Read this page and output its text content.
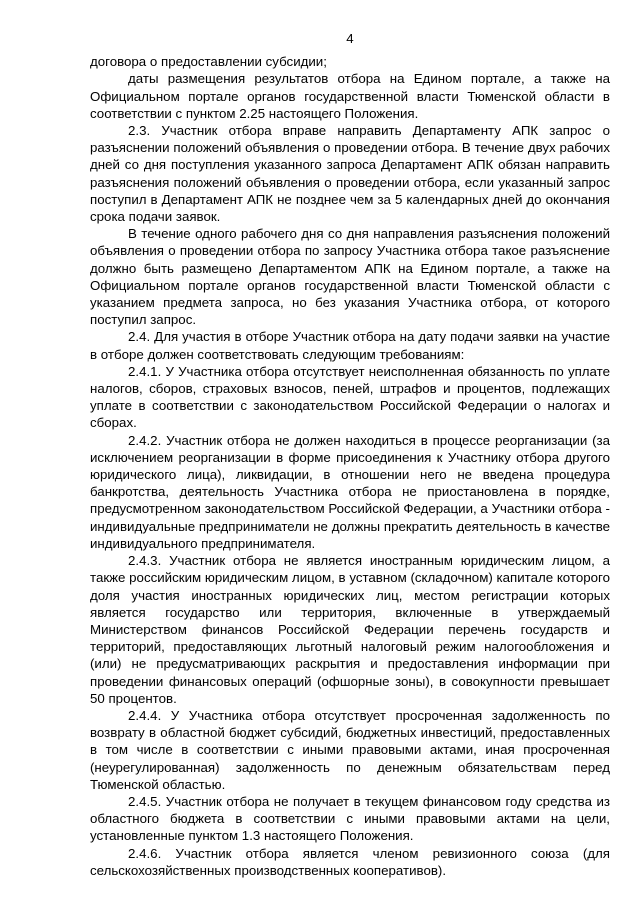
4

договора о предоставлении субсидии;

даты размещения результатов отбора на Едином портале, а также на Официальном портале органов государственной власти Тюменской области в соответствии с пунктом 2.25 настоящего Положения.

2.3. Участник отбора вправе направить Департаменту АПК запрос о разъяснении положений объявления о проведении отбора. В течение двух рабочих дней со дня поступления указанного запроса Департамент АПК обязан направить разъяснения положений объявления о проведении отбора, если указанный запрос поступил в Департамент АПК не позднее чем за 5 календарных дней до окончания срока подачи заявок.

В течение одного рабочего дня со дня направления разъяснения положений объявления о проведении отбора по запросу Участника отбора такое разъяснение должно быть размещено Департаментом АПК на Едином портале, а также на Официальном портале органов государственной власти Тюменской области с указанием предмета запроса, но без указания Участника отбора, от которого поступил запрос.

2.4. Для участия в отборе Участник отбора на дату подачи заявки на участие в отборе должен соответствовать следующим требованиям:

2.4.1. У Участника отбора отсутствует неисполненная обязанность по уплате налогов, сборов, страховых взносов, пеней, штрафов и процентов, подлежащих уплате в соответствии с законодательством Российской Федерации о налогах и сборах.

2.4.2. Участник отбора не должен находиться в процессе реорганизации (за исключением реорганизации в форме присоединения к Участнику отбора другого юридического лица), ликвидации, в отношении него не введена процедура банкротства, деятельность Участника отбора не приостановлена в порядке, предусмотренном законодательством Российской Федерации, а Участники отбора - индивидуальные предприниматели не должны прекратить деятельность в качестве индивидуального предпринимателя.

2.4.3. Участник отбора не является иностранным юридическим лицом, а также российским юридическим лицом, в уставном (складочном) капитале которого доля участия иностранных юридических лиц, местом регистрации которых является государство или территория, включенные в утверждаемый Министерством финансов Российской Федерации перечень государств и территорий, предоставляющих льготный налоговый режим налогообложения и (или) не предусматривающих раскрытия и предоставления информации при проведении финансовых операций (офшорные зоны), в совокупности превышает 50 процентов.

2.4.4. У Участника отбора отсутствует просроченная задолженность по возврату в областной бюджет субсидий, бюджетных инвестиций, предоставленных в том числе в соответствии с иными правовыми актами, иная просроченная (неурегулированная) задолженность по денежным обязательствам перед Тюменской областью.

2.4.5. Участник отбора не получает в текущем финансовом году средства из областного бюджета в соответствии с иными правовыми актами на цели, установленные пунктом 1.3 настоящего Положения.

2.4.6. Участник отбора является членом ревизионного союза (для сельскохозяйственных производственных кооперативов).
